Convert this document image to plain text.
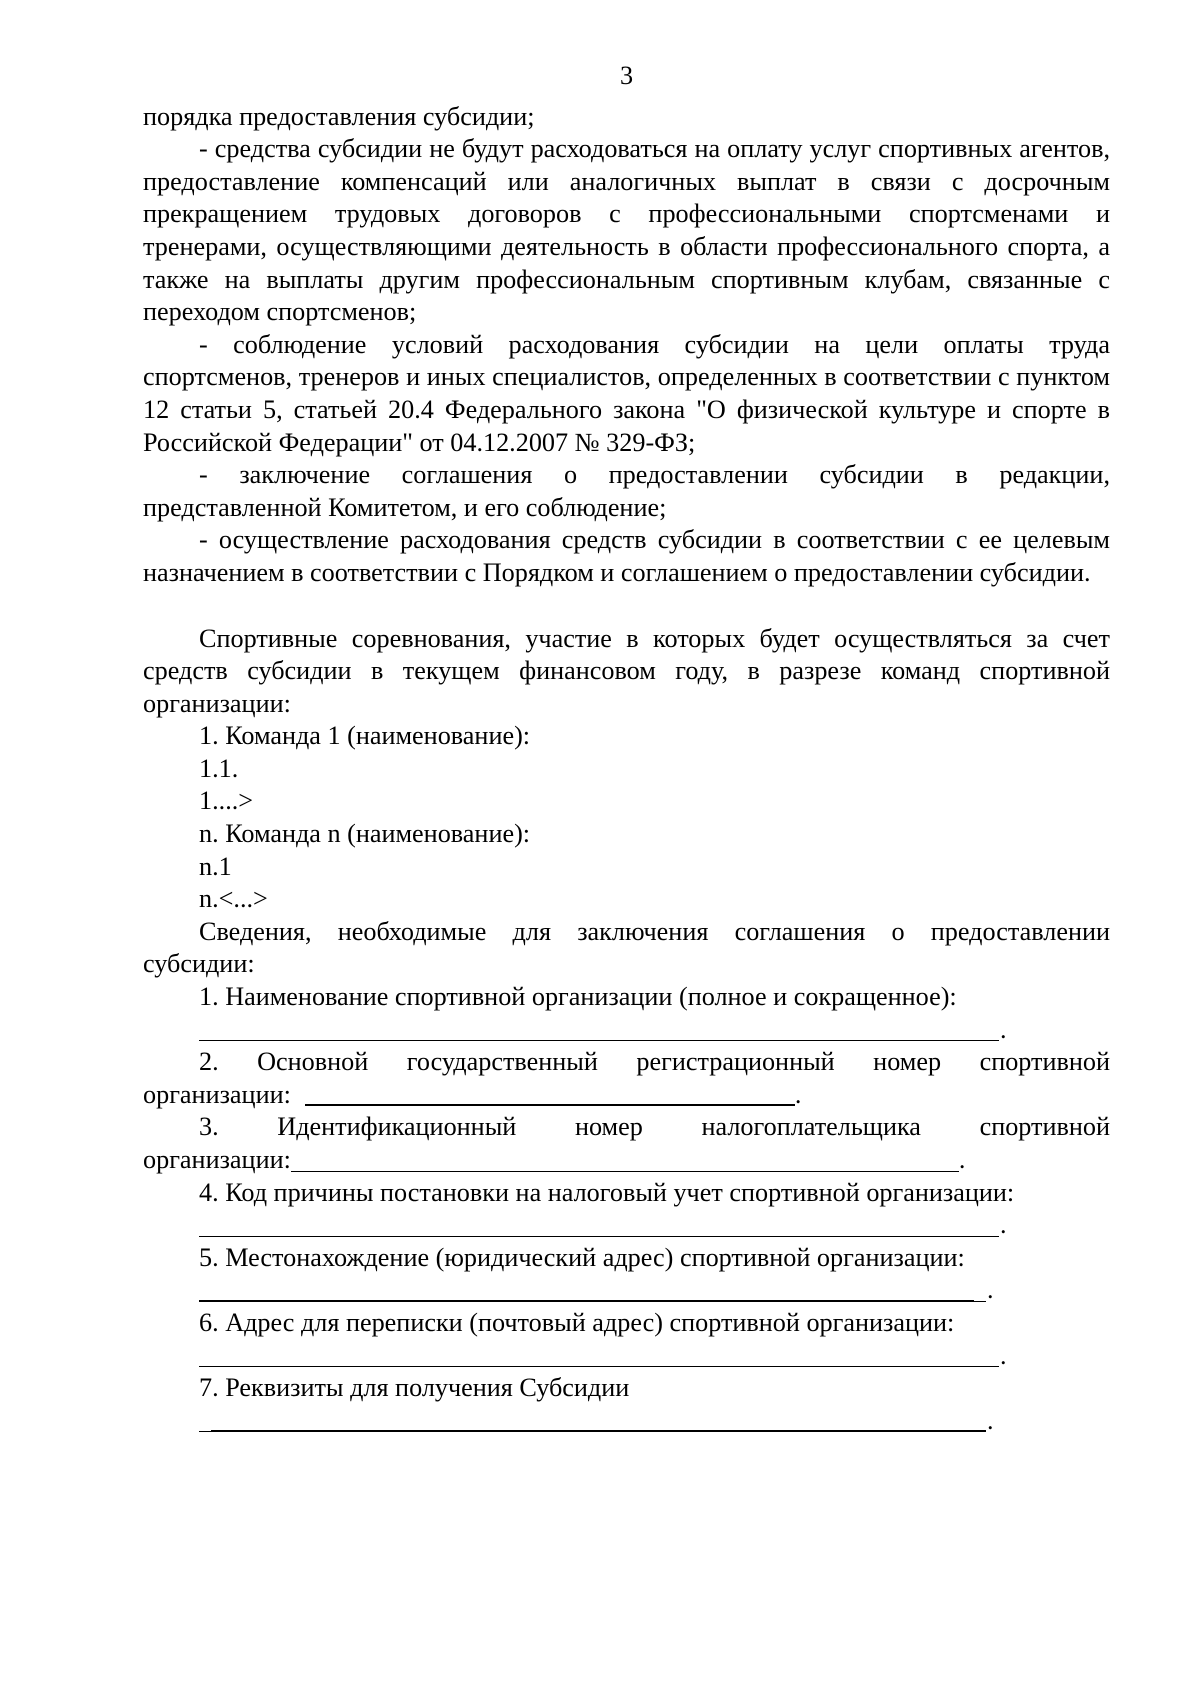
3

порядка предоставления субсидии;

- средства субсидии не будут расходоваться на оплату услуг спортивных агентов, предоставление компенсаций или аналогичных выплат в связи с досрочным прекращением трудовых договоров с профессиональными спортсменами и тренерами, осуществляющими деятельность в области профессионального спорта, а также на выплаты другим профессиональным спортивным клубам, связанные с переходом спортсменов;

- соблюдение условий расходования субсидии на цели оплаты труда спортсменов, тренеров и иных специалистов, определенных в соответствии с пунктом 12 статьи 5, статьей 20.4 Федерального закона "О физической культуре и спорте в Российской Федерации" от 04.12.2007 № 329-ФЗ;

- заключение соглашения о предоставлении субсидии в редакции, представленной Комитетом, и его соблюдение;

- осуществление расходования средств субсидии в соответствии с ее целевым назначением в соответствии с Порядком и соглашением о предоставлении субсидии.

Спортивные соревнования, участие в которых будет осуществляться за счет средств субсидии в текущем финансовом году, в разрезе команд спортивной организации:

1. Команда 1 (наименование):

1.1.

1....>

n. Команда n (наименование):

n.1

n.<...>

Сведения, необходимые для заключения соглашения о предоставлении субсидии:

1. Наименование спортивной организации (полное и сокращенное):

.

2. Основной государственный регистрационный номер спортивной

организации:	.

3. Идентификационный номер налогоплательщика спортивной

организации:	.

4. Код причины постановки на налоговый учет спортивной организации:

.

5. Местонахождение (юридический адрес) спортивной организации:

.

6. Адрес для переписки (почтовый адрес) спортивной организации:

.

7. Реквизиты для получения Субсидии

.
